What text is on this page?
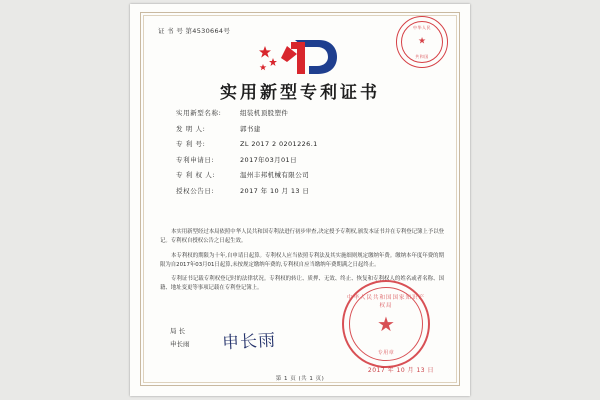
证 书 号 第4530664号	中华人民
★
共和国
实用新型专利证书
实用新型名称:	组装机顶股塑件
发 明 人:	郭书建
专 利 号:	ZL 2017 2 0201226.1
专利申请日:	2017年03月01日
专 利 权 人:	温州丰邦机械有限公司
授权公告日:	2017 年 10 月 13 日

本实用新型经过本局依照中华人民共和国专利法进行初步审查,决定授予专利权,颁发本证书并在专利登记簿上予以登记。专利权自授权公告之日起生效。

本专利权的期限为十年,自申请日起算。专利权人应当依照专利法及其实施细则规定缴纳年费。缴纳本年度年费的期限为自2017年03月01日起算,未按规定缴纳年费的,专利权自应当缴纳年费期满之日起终止。

专利证书记载专利权登记时的法律状况。专利权的转让、质押、无效、终止、恢复和专利权人的姓名或者名称、国籍、地址变更等事项记载在专利登记簿上。

局 长
申长雨 申长雨
中华人民共和国国家知识产权局
★
专用章
2017 年 10 月 13 日
第 1 页 (共 1 页)
